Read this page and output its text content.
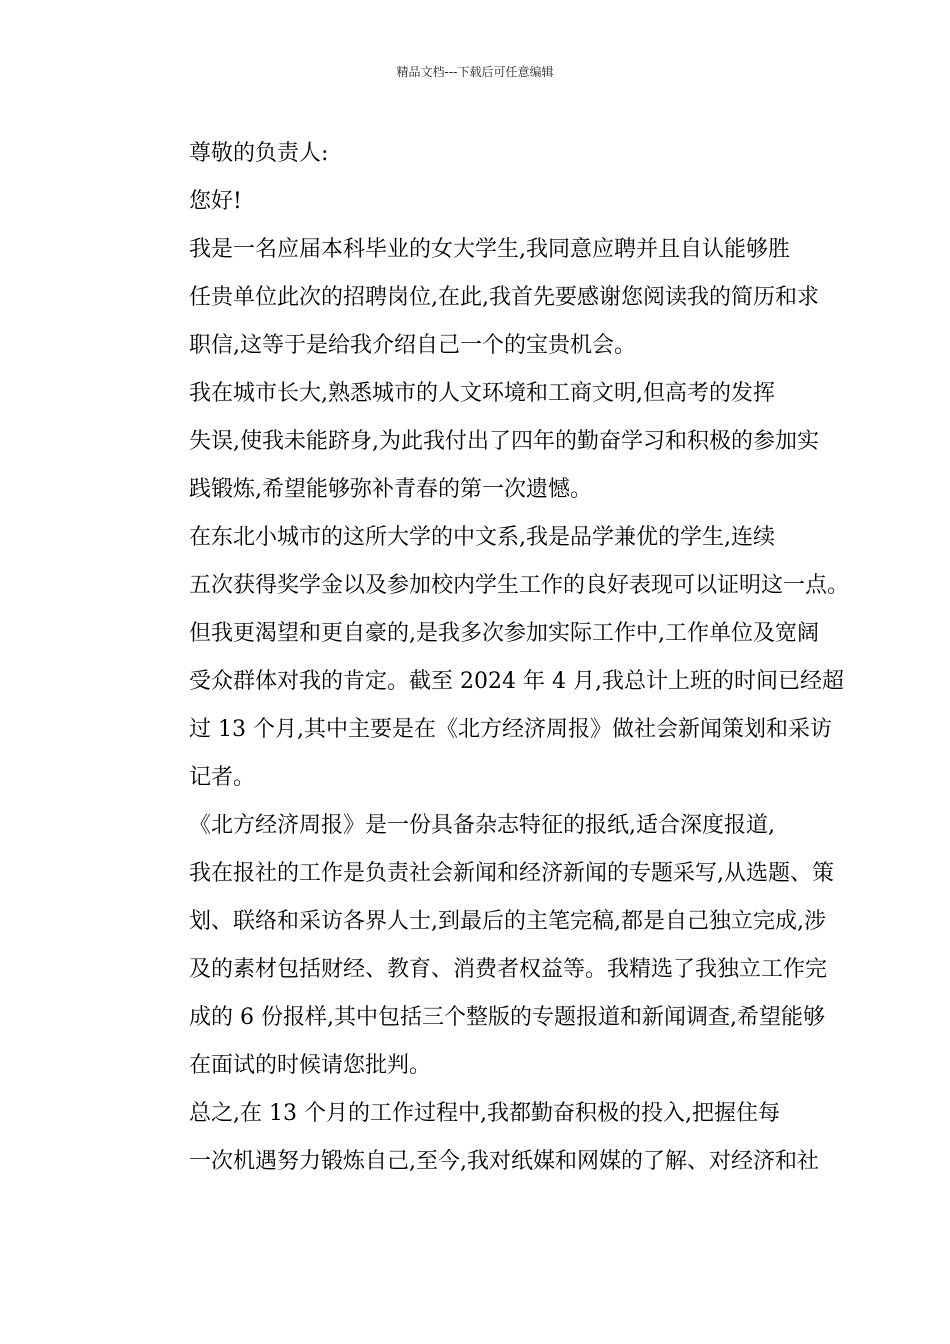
精品文档---下载后可任意编辑

尊敬的负责人:

您好!

我是一名应届本科毕业的女大学生,我同意应聘并且自认能够胜
任贵单位此次的招聘岗位,在此,我首先要感谢您阅读我的简历和求
职信,这等于是给我介绍自己一个的宝贵机会。
我在城市长大,熟悉城市的人文环境和工商文明,但高考的发挥
失误,使我未能跻身,为此我付出了四年的勤奋学习和积极的参加实
践锻炼,希望能够弥补青春的第一次遗憾。
在东北小城市的这所大学的中文系,我是品学兼优的学生,连续
五次获得奖学金以及参加校内学生工作的良好表现可以证明这一点。
但我更渴望和更自豪的,是我多次参加实际工作中,工作单位及宽阔
受众群体对我的肯定。截至 2024 年 4 月,我总计上班的时间已经超
过 13 个月,其中主要是在《北方经济周报》做社会新闻策划和采访
记者。
《北方经济周报》是一份具备杂志特征的报纸,适合深度报道,
我在报社的工作是负责社会新闻和经济新闻的专题采写,从选题、策
划、联络和采访各界人士,到最后的主笔完稿,都是自己独立完成,涉
及的素材包括财经、教育、消费者权益等。我精选了我独立工作完
成的 6 份报样,其中包括三个整版的专题报道和新闻调查,希望能够
在面试的时候请您批判。
总之,在 13 个月的工作过程中,我都勤奋积极的投入,把握住每
一次机遇努力锻炼自己,至今,我对纸媒和网媒的了解、对经济和社
